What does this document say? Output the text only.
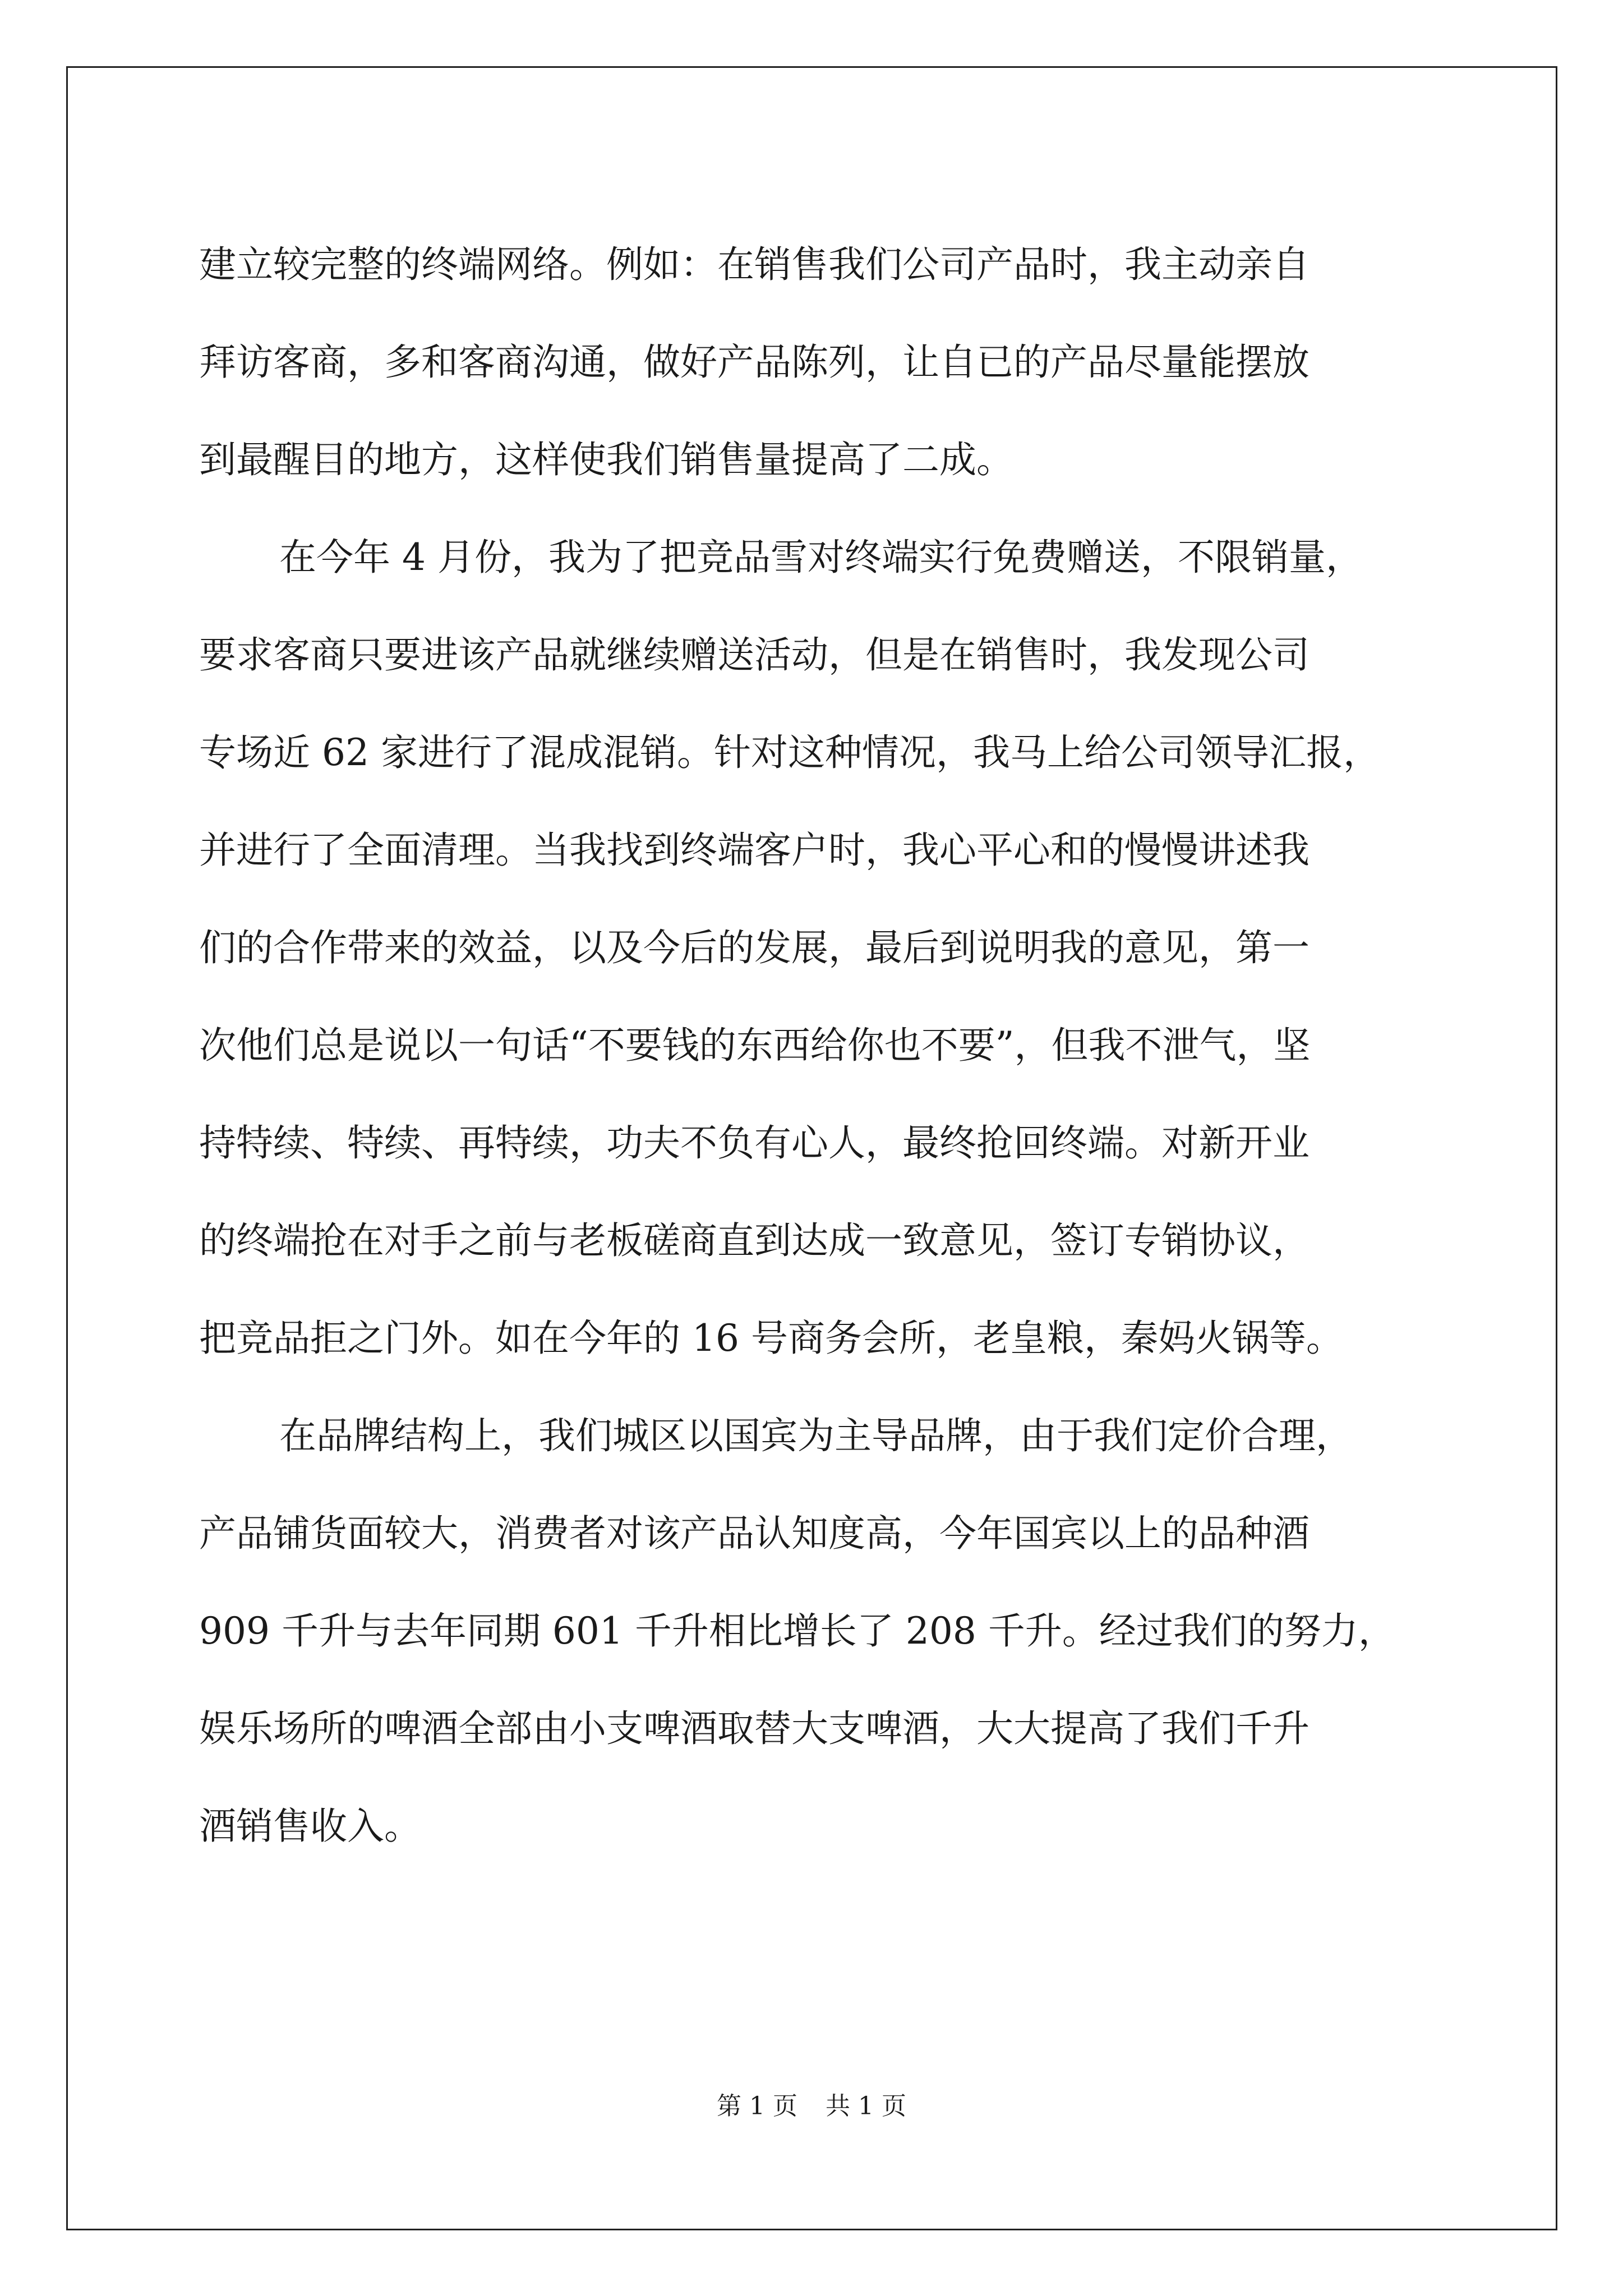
建立较完整的终端网络。例如：在销售我们公司产品时，我主动亲自
拜访客商，多和客商沟通，做好产品陈列，让自已的产品尽量能摆放
到最醒目的地方，这样使我们销售量提高了二成。
在今年 4 月份，我为了把竞品雪对终端实行免费赠送，不限销量，
要求客商只要进该产品就继续赠送活动，但是在销售时，我发现公司
专场近 62 家进行了混成混销。针对这种情况，我马上给公司领导汇报，
并进行了全面清理。当我找到终端客户时，我心平心和的慢慢讲述我
们的合作带来的效益，以及今后的发展，最后到说明我的意见，第一
次他们总是说以一句话“不要钱的东西给你也不要”，但我不泄气，坚
持特续、特续、再特续，功夫不负有心人，最终抢回终端。对新开业
的终端抢在对手之前与老板磋商直到达成一致意见，签订专销协议，
把竞品拒之门外。如在今年的 16 号商务会所，老皇粮，秦妈火锅等。
在品牌结构上，我们城区以国宾为主导品牌，由于我们定价合理，
产品铺货面较大，消费者对该产品认知度高，今年国宾以上的品种酒
909 千升与去年同期 601 千升相比增长了 208 千升。经过我们的努力，
娱乐场所的啤酒全部由小支啤酒取替大支啤酒，大大提高了我们千升
酒销售收入。
第 1 页 共 1 页
